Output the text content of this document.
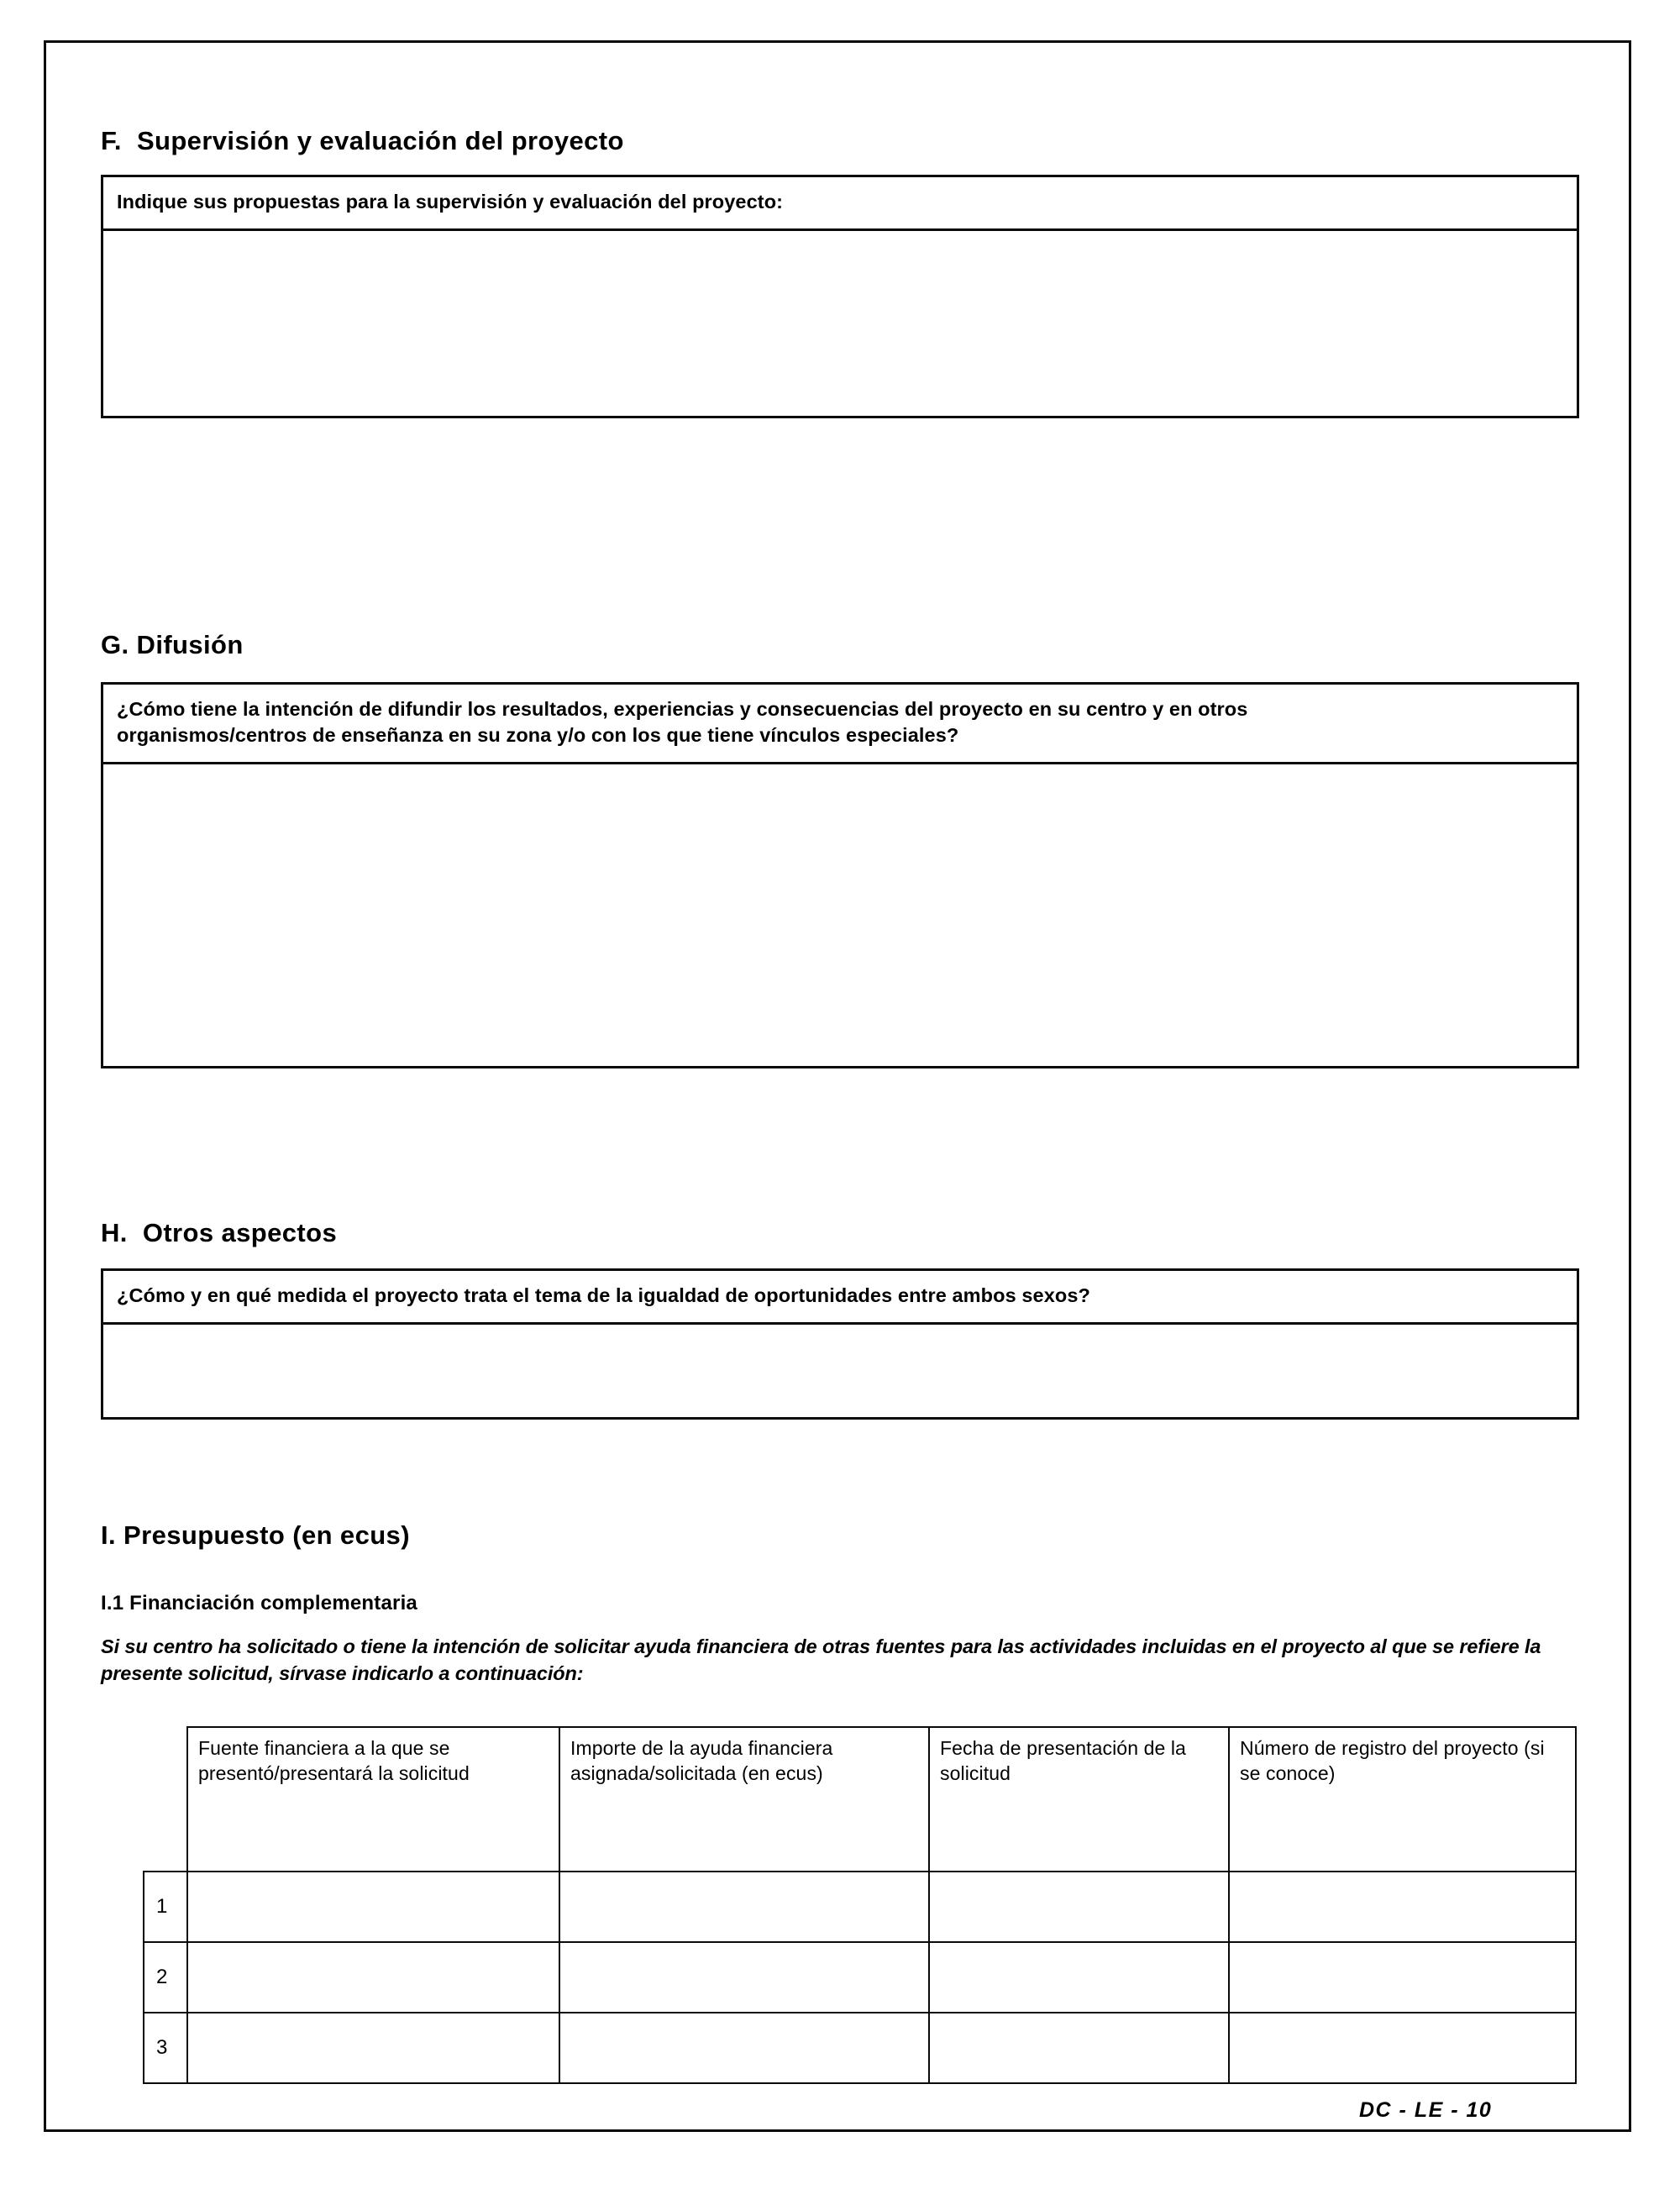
F.  Supervisión y evaluación del proyecto
Indique sus propuestas para la supervisión y evaluación del proyecto:
G. Difusión
¿Cómo tiene la intención de difundir los resultados, experiencias y consecuencias del proyecto en su centro y en otros
organismos/centros de enseñanza en su zona y/o con los que tiene vínculos especiales?
H.  Otros aspectos
¿Cómo y en qué medida el proyecto trata el tema de la igualdad de oportunidades entre ambos sexos?
I. Presupuesto (en ecus)
I.1 Financiación complementaria
Si su centro ha solicitado o tiene la intención de solicitar ayuda financiera de otras fuentes para las actividades incluidas en el proyecto al que se refiere la presente solicitud, sírvase indicarlo a continuación:
	Fuente financiera a la que se presentó/presentará la solicitud	Importe de la ayuda financiera asignada/solicitada (en ecus)	Fecha de presentación de la solicitud	Número de registro del proyecto (si se conoce)
1				
2				
3				
DC - LE - 10
